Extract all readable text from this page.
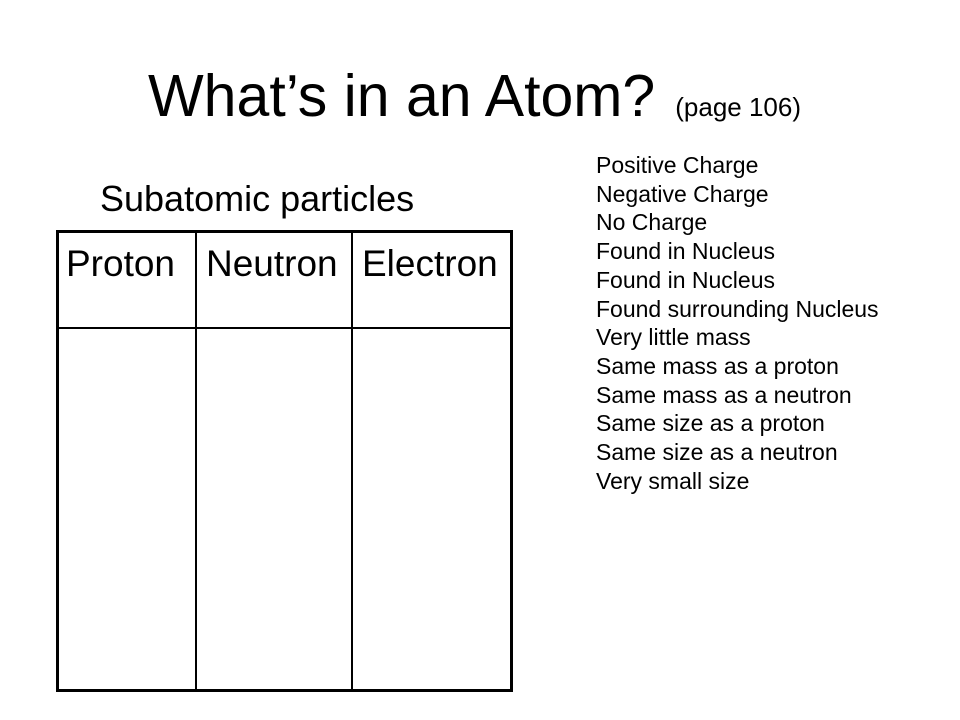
What’s in an Atom? (page 106)
Subatomic particles
Proton Neutron Electron
Positive Charge
Negative Charge
No Charge
Found in Nucleus
Found in Nucleus
Found surrounding Nucleus
Very little mass
Same mass as a proton
Same mass as a neutron
Same size as a proton
Same size as a neutron
Very small size
